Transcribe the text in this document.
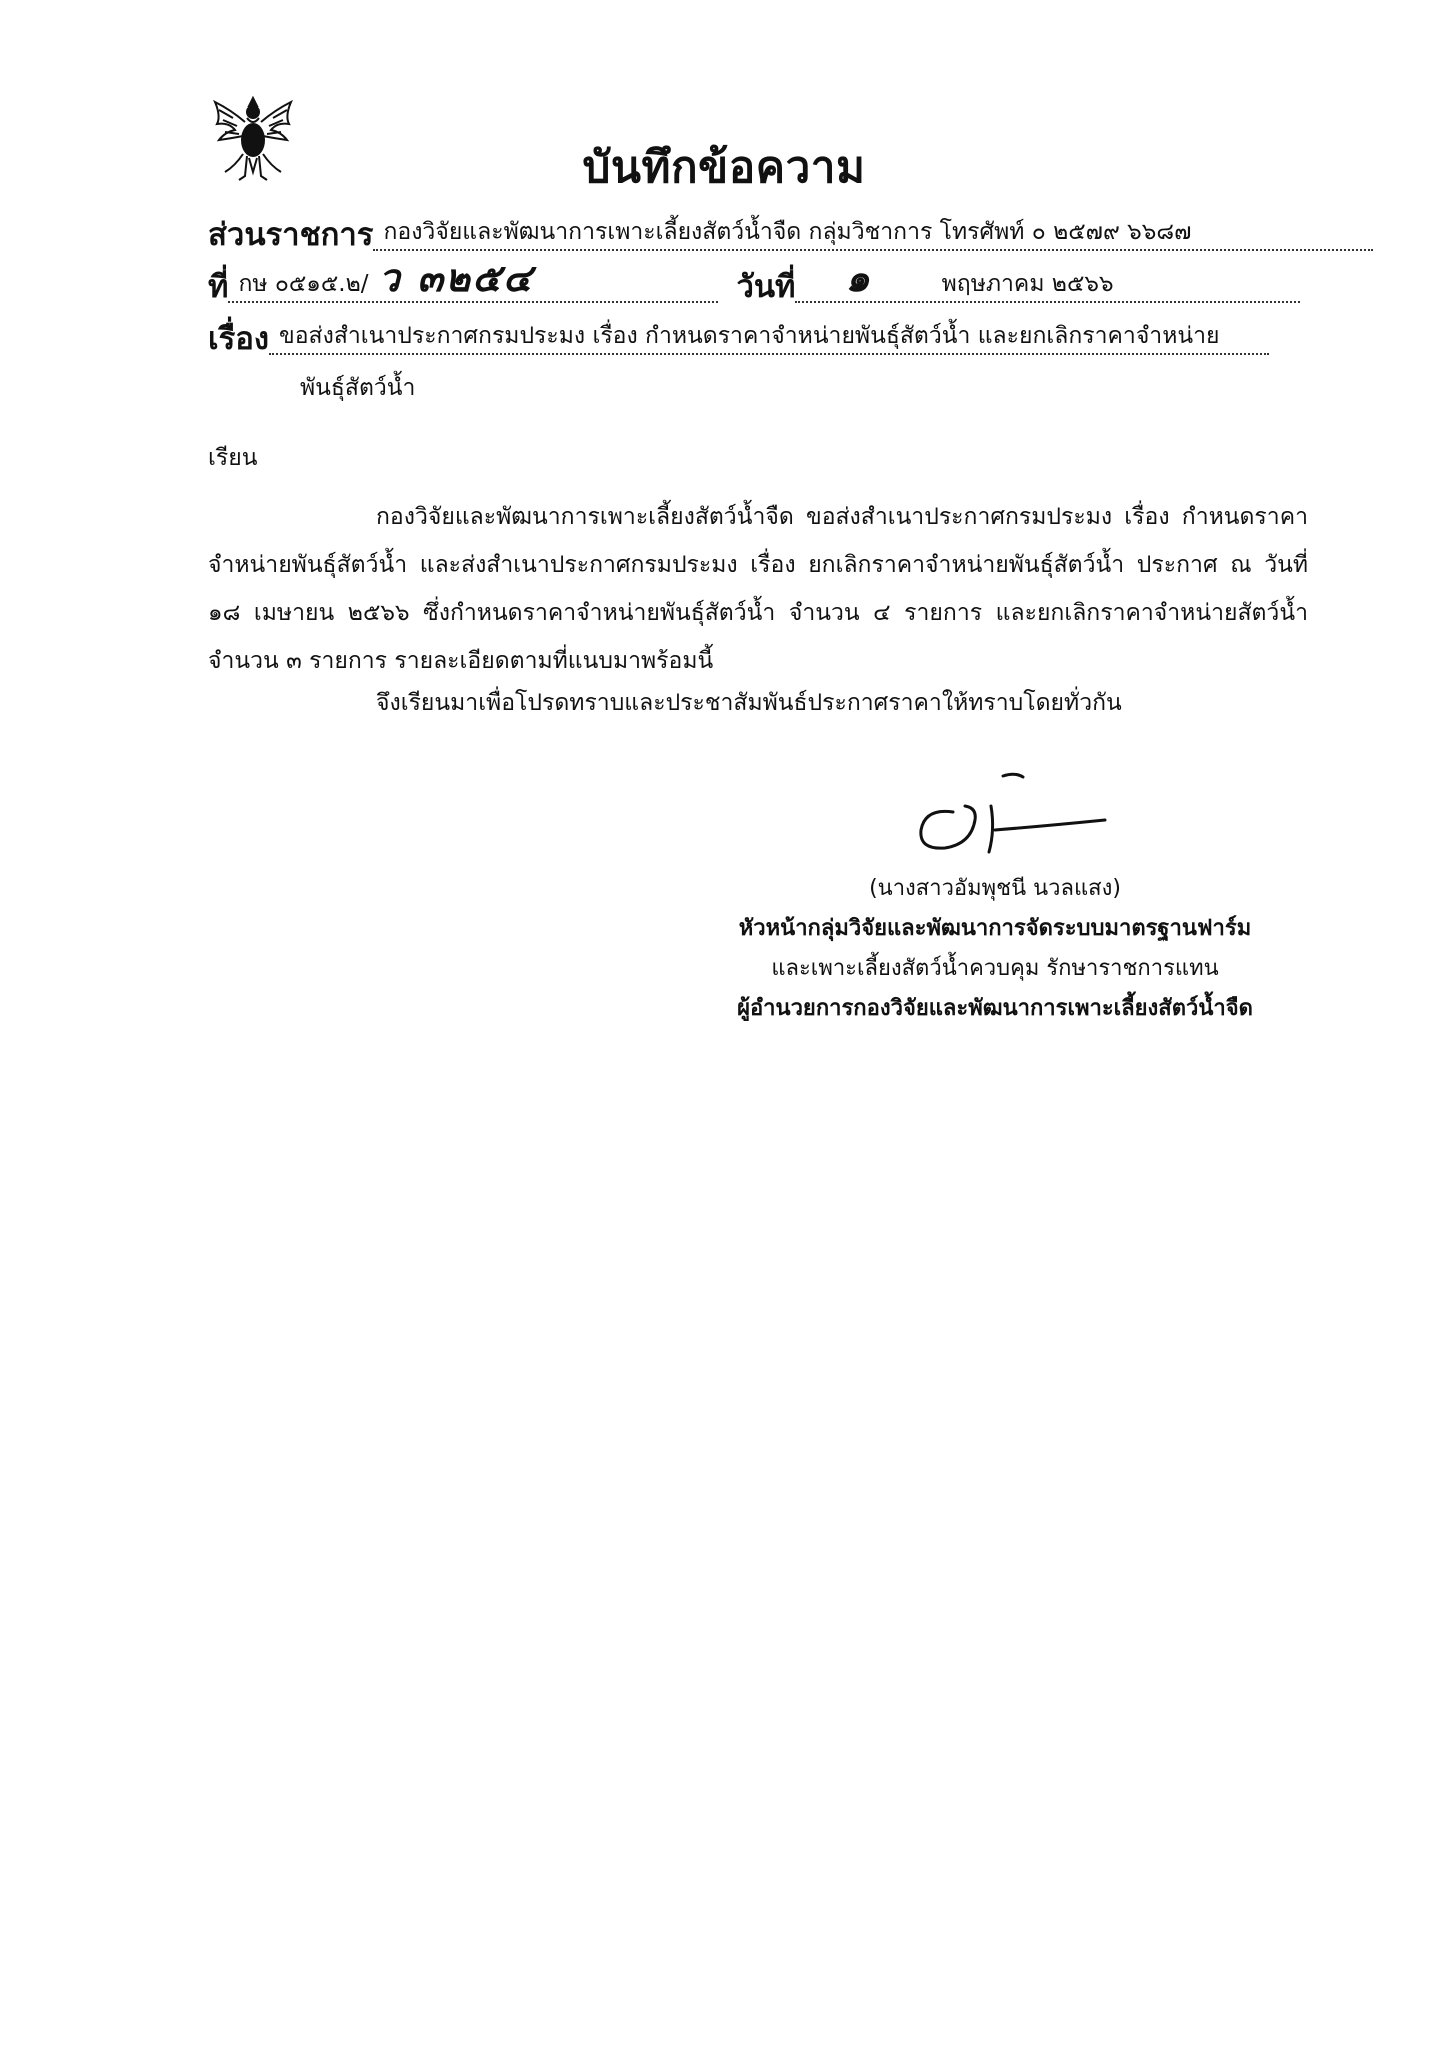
บันทึกข้อความ
ส่วนราชการ กองวิจัยและพัฒนาการเพาะเลี้ยงสัตว์น้ำจืด กลุ่มวิชาการ โทรศัพท์ ๐ ๒๕๗๙ ๖๖๘๗
ที่ กษ ๐๕๑๕.๒/ ว ๓๒๕๔	วันที่ ๑	พฤษภาคม ๒๕๖๖
เรื่อง ขอส่งสำเนาประกาศกรมประมง เรื่อง กำหนดราคาจำหน่ายพันธุ์สัตว์น้ำ และยกเลิกราคาจำหน่าย
พันธุ์สัตว์น้ำ
เรียน
กองวิจัยและพัฒนาการเพาะเลี้ยงสัตว์น้ำจืด ขอส่งสำเนาประกาศกรมประมง เรื่อง กำหนดราคาจำหน่ายพันธุ์สัตว์น้ำ และส่งสำเนาประกาศกรมประมง เรื่อง ยกเลิกราคาจำหน่ายพันธุ์สัตว์น้ำ ประกาศ ณ วันที่ ๑๘ เมษายน ๒๕๖๖ ซึ่งกำหนดราคาจำหน่ายพันธุ์สัตว์น้ำ จำนวน ๔ รายการ และยกเลิกราคาจำหน่ายสัตว์น้ำ จำนวน ๓ รายการ รายละเอียดตามที่แนบมาพร้อมนี้
จึงเรียนมาเพื่อโปรดทราบและประชาสัมพันธ์ประกาศราคาให้ทราบโดยทั่วกัน
(นางสาวอัมพุชนี นวลแสง)
หัวหน้ากลุ่มวิจัยและพัฒนาการจัดระบบมาตรฐานฟาร์ม
และเพาะเลี้ยงสัตว์น้ำควบคุม รักษาราชการแทน
ผู้อำนวยการกองวิจัยและพัฒนาการเพาะเลี้ยงสัตว์น้ำจืด
